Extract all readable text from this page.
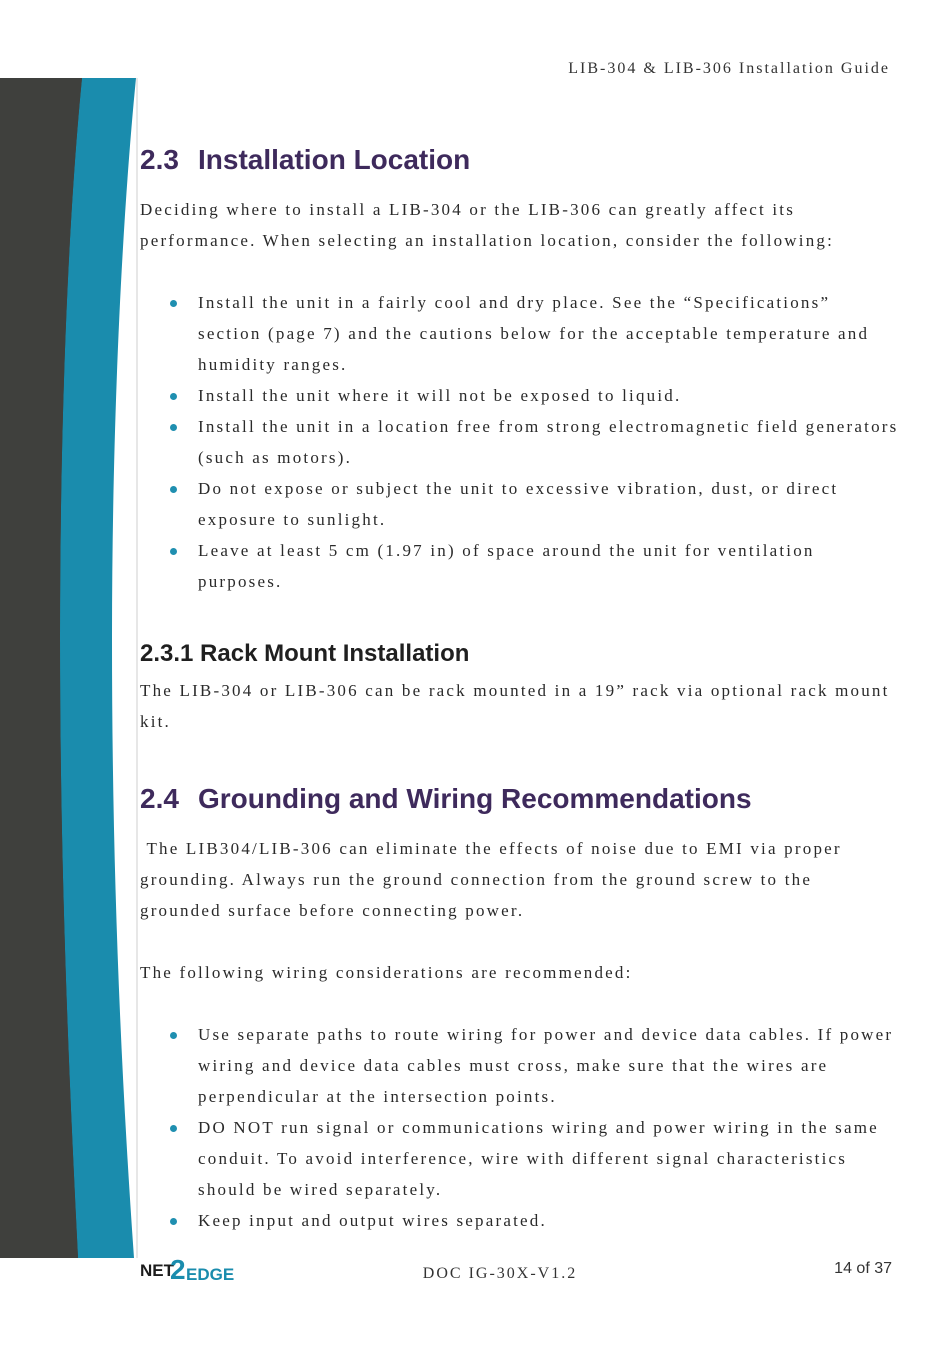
LIB-304 & LIB-306 Installation Guide
2.3 Installation Location

Deciding where to install a LIB-304 or the LIB-306 can greatly affect its performance. When selecting an installation location, consider the following:

Install the unit in a fairly cool and dry place. See the “Specifications” section (page 7) and the cautions below for the acceptable temperature and humidity ranges.
Install the unit where it will not be exposed to liquid.
Install the unit in a location free from strong electromagnetic field generators (such as motors).
Do not expose or subject the unit to excessive vibration, dust, or direct exposure to sunlight.
Leave at least 5 cm (1.97 in) of space around the unit for ventilation purposes.
2.3.1 Rack Mount Installation

The LIB-304 or LIB-306 can be rack mounted in a 19” rack via optional rack mount kit.

2.4 Grounding and Wiring Recommendations

The LIB304/LIB-306 can eliminate the effects of noise due to EMI via proper grounding. Always run the ground connection from the ground screw to the grounded surface before connecting power.

The following wiring considerations are recommended:

Use separate paths to route wiring for power and device data cables. If power wiring and device data cables must cross, make sure that the wires are perpendicular at the intersection points.
DO NOT run signal or communications wiring and power wiring in the same conduit. To avoid interference, wire with different signal characteristics should be wired separately.
Keep input and output wires separated.
NET
2 EDGE	DOC IG-30X-V1.2	14 of 37
